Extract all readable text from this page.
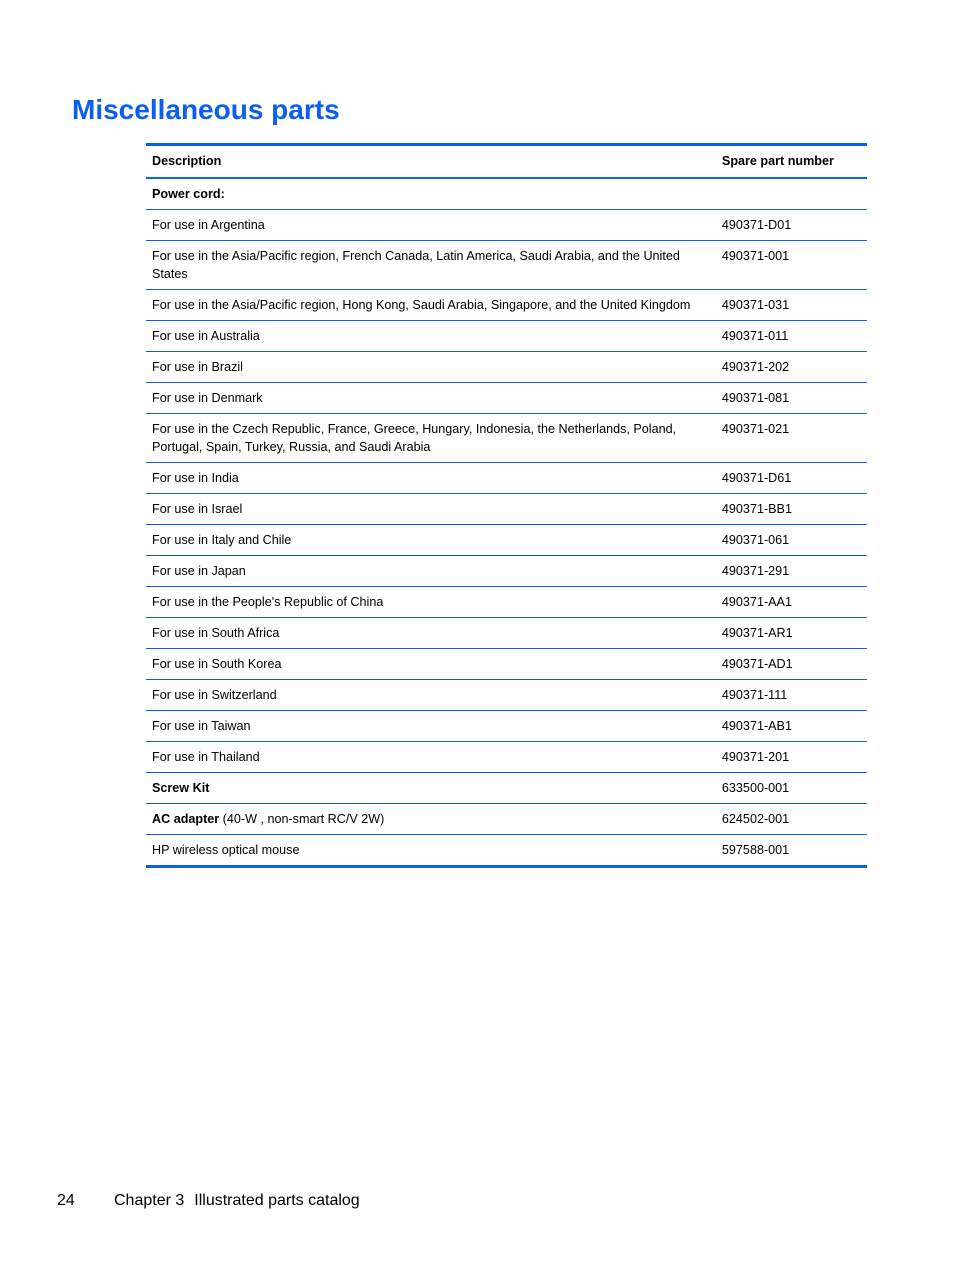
Miscellaneous parts
Description	Spare part number
Power cord:	
For use in Argentina	490371-D01
For use in the Asia/Pacific region, French Canada, Latin America, Saudi Arabia, and the United States	490371-001
For use in the Asia/Pacific region, Hong Kong, Saudi Arabia, Singapore, and the United Kingdom	490371-031
For use in Australia	490371-011
For use in Brazil	490371-202
For use in Denmark	490371-081
For use in the Czech Republic, France, Greece, Hungary, Indonesia, the Netherlands, Poland, Portugal, Spain, Turkey, Russia, and Saudi Arabia	490371-021
For use in India	490371-D61
For use in Israel	490371-BB1
For use in Italy and Chile	490371-061
For use in Japan	490371-291
For use in the People's Republic of China	490371-AA1
For use in South Africa	490371-AR1
For use in South Korea	490371-AD1
For use in Switzerland	490371-111
For use in Taiwan	490371-AB1
For use in Thailand	490371-201
Screw Kit	633500-001
AC adapter (40-W , non-smart RC/V 2W)	624502-001
HP wireless optical mouse	597588-001
24 Chapter 3 Illustrated parts catalog
